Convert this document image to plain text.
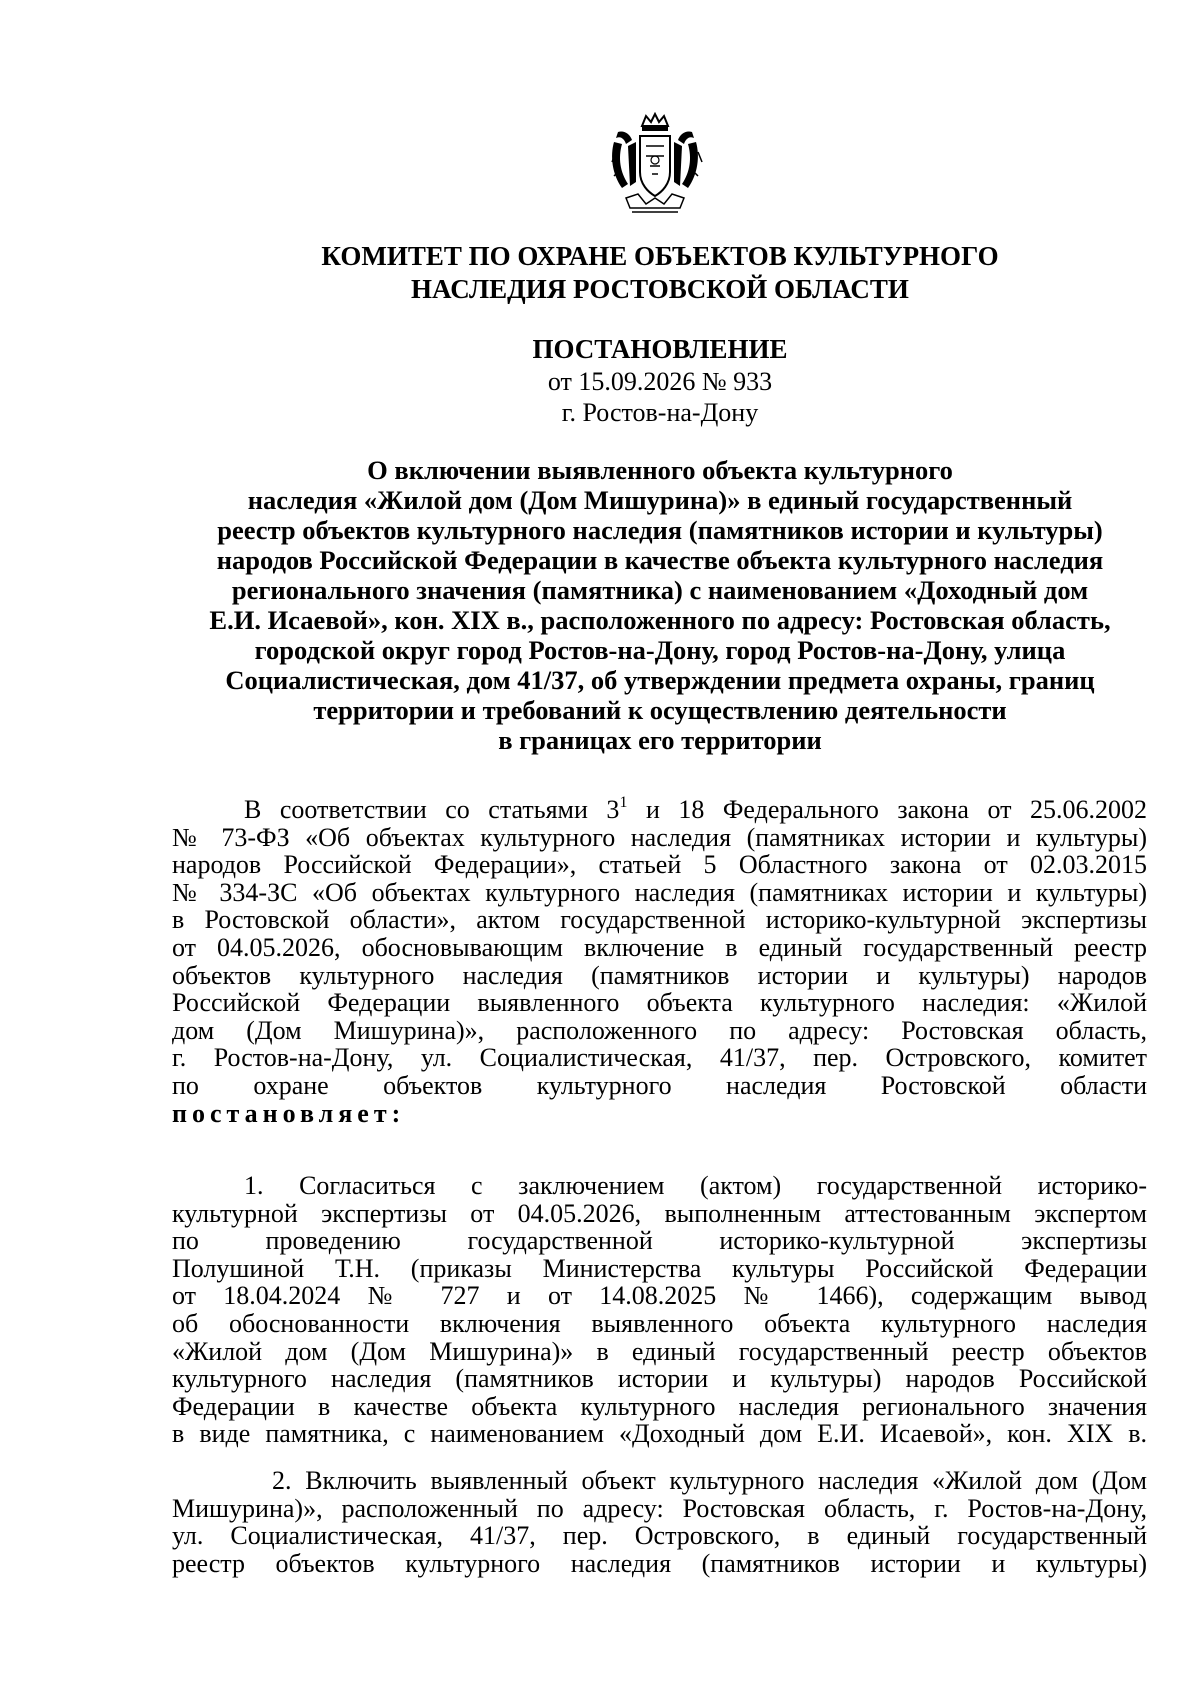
КОМИТЕТ ПО ОХРАНЕ ОБЪЕКТОВ КУЛЬТУРНОГО
НАСЛЕДИЯ РОСТОВСКОЙ ОБЛАСТИ
ПОСТАНОВЛЕНИЕ
от 15.09.2026 № 933
г. Ростов-на-Дону
О включении выявленного объекта культурного
наследия «Жилой дом (Дом Мишурина)» в единый государственный
реестр объектов культурного наследия (памятников истории и культуры)
народов Российской Федерации в качестве объекта культурного наследия
регионального значения (памятника) с наименованием «Доходный дом
Е.И. Исаевой», кон. XIX в., расположенного по адресу: Ростовская область,
городской округ город Ростов-на-Дону, город Ростов-на-Дону, улица
Социалистическая, дом 41/37, об утверждении предмета охраны, границ
территории и требований к осуществлению деятельности
в границах его территории
В соответствии со статьями $3^1$ и 18 Федерального закона от 25.06.2002
№ 73-ФЗ «Об объектах культурного наследия (памятниках истории и культуры)
народов Российской Федерации», статьей 5 Областного закона от 02.03.2015
№ 334-ЗС «Об объектах культурного наследия (памятниках истории и культуры)
в Ростовской области», актом государственной историко-культурной экспертизы
от 04.05.2026, обосновывающим включение в единый государственный реестр
объектов культурного наследия (памятников истории и культуры) народов
Российской Федерации выявленного объекта культурного наследия: «Жилой
дом (Дом Мишурина)», расположенного по адресу: Ростовская область,
г. Ростов-на-Дону, ул. Социалистическая, 41/37, пер. Островского, комитет
по охране объектов культурного наследия Ростовской области
постановляет:
1. Согласиться с заключением (актом) государственной историко-
культурной экспертизы от 04.05.2026, выполненным аттестованным экспертом
по проведению государственной историко-культурной экспертизы
Полушиной Т.Н. (приказы Министерства культуры Российской Федерации
от 18.04.2024 № 727 и от 14.08.2025 № 1466), содержащим вывод
об обоснованности включения выявленного объекта культурного наследия
«Жилой дом (Дом Мишурина)» в единый государственный реестр объектов
культурного наследия (памятников истории и культуры) народов Российской
Федерации в качестве объекта культурного наследия регионального значения
в виде памятника, с наименованием «Доходный дом Е.И. Исаевой», кон. XIX в.
2. Включить выявленный объект культурного наследия «Жилой дом (Дом
Мишурина)», расположенный по адресу: Ростовская область, г. Ростов-на-Дону,
ул. Социалистическая, 41/37, пер. Островского, в единый государственный
реестр объектов культурного наследия (памятников истории и культуры)
